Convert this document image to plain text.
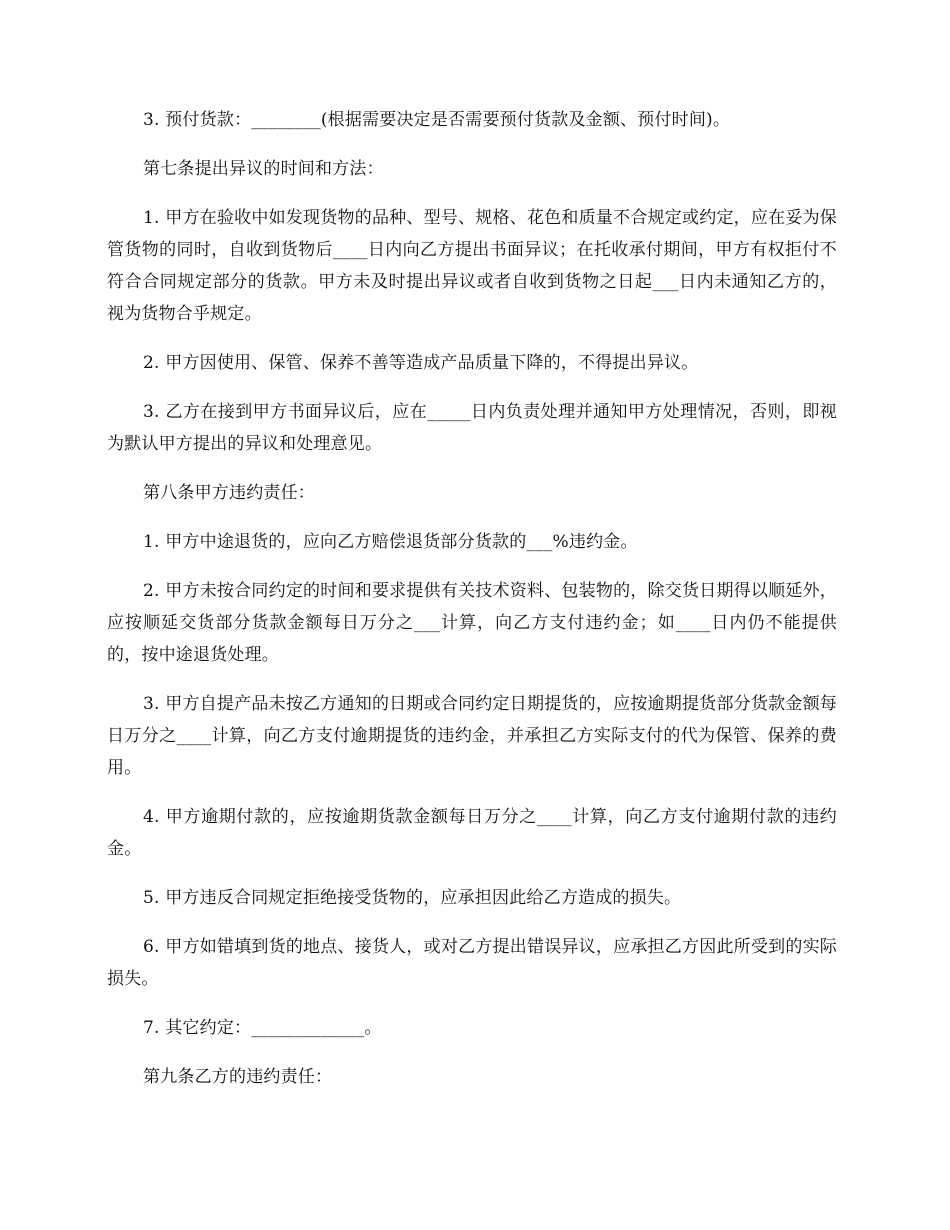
3. 预付货款：________(根据需要决定是否需要预付货款及金额、预付时间)。

第七条提出异议的时间和方法：

1. 甲方在验收中如发现货物的品种、型号、规格、花色和质量不合规定或约定，应在妥为保管货物的同时，自收到货物后____日内向乙方提出书面异议；在托收承付期间，甲方有权拒付不符合合同规定部分的货款。甲方未及时提出异议或者自收到货物之日起___日内未通知乙方的，视为货物合乎规定。

2. 甲方因使用、保管、保养不善等造成产品质量下降的，不得提出异议。

3. 乙方在接到甲方书面异议后，应在_____日内负责处理并通知甲方处理情况，否则，即视为默认甲方提出的异议和处理意见。

第八条甲方违约责任：

1. 甲方中途退货的，应向乙方赔偿退货部分货款的___%违约金。

2. 甲方未按合同约定的时间和要求提供有关技术资料、包装物的，除交货日期得以顺延外，应按顺延交货部分货款金额每日万分之___计算，向乙方支付违约金；如____日内仍不能提供的，按中途退货处理。

3. 甲方自提产品未按乙方通知的日期或合同约定日期提货的，应按逾期提货部分货款金额每日万分之____计算，向乙方支付逾期提货的违约金，并承担乙方实际支付的代为保管、保养的费用。

4. 甲方逾期付款的，应按逾期货款金额每日万分之____计算，向乙方支付逾期付款的违约金。

5. 甲方违反合同规定拒绝接受货物的，应承担因此给乙方造成的损失。

6. 甲方如错填到货的地点、接货人，或对乙方提出错误异议，应承担乙方因此所受到的实际损失。

7. 其它约定：_____________。

第九条乙方的违约责任：
